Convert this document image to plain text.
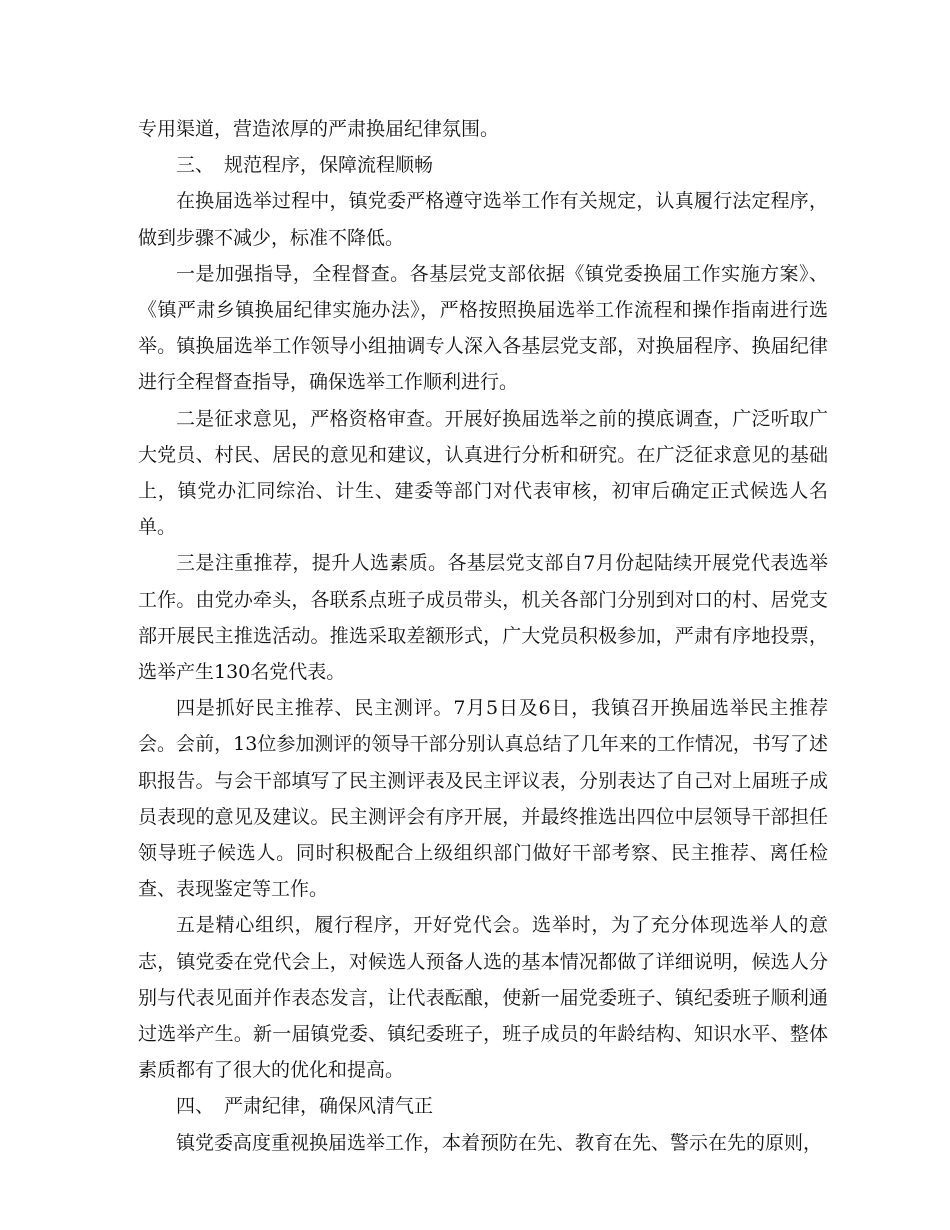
专用渠道，营造浓厚的严肃换届纪律氛围。

三、 规范程序，保障流程顺畅

在换届选举过程中，镇党委严格遵守选举工作有关规定，认真履行法定程序，做到步骤不减少，标准不降低。

一是加强指导，全程督查。各基层党支部依据《镇党委换届工作实施方案》、《镇严肃乡镇换届纪律实施办法》，严格按照换届选举工作流程和操作指南进行选举。镇换届选举工作领导小组抽调专人深入各基层党支部，对换届程序、换届纪律进行全程督查指导，确保选举工作顺利进行。

二是征求意见，严格资格审查。开展好换届选举之前的摸底调查，广泛听取广大党员、村民、居民的意见和建议，认真进行分析和研究。在广泛征求意见的基础上，镇党办汇同综治、计生、建委等部门对代表审核，初审后确定正式候选人名单。

三是注重推荐，提升人选素质。各基层党支部自7月份起陆续开展党代表选举工作。由党办牵头，各联系点班子成员带头，机关各部门分别到对口的村、居党支部开展民主推选活动。推选采取差额形式，广大党员积极参加，严肃有序地投票，选举产生130名党代表。

四是抓好民主推荐、民主测评。7月5日及6日，我镇召开换届选举民主推荐会。会前，13位参加测评的领导干部分别认真总结了几年来的工作情况，书写了述职报告。与会干部填写了民主测评表及民主评议表，分别表达了自己对上届班子成员表现的意见及建议。民主测评会有序开展，并最终推选出四位中层领导干部担任领导班子候选人。同时积极配合上级组织部门做好干部考察、民主推荐、离任检查、表现鉴定等工作。

五是精心组织，履行程序，开好党代会。选举时，为了充分体现选举人的意志，镇党委在党代会上，对候选人预备人选的基本情况都做了详细说明，候选人分别与代表见面并作表态发言，让代表酝酿，使新一届党委班子、镇纪委班子顺利通过选举产生。新一届镇党委、镇纪委班子，班子成员的年龄结构、知识水平、整体素质都有了很大的优化和提高。

四、 严肃纪律，确保风清气正

镇党委高度重视换届选举工作，本着预防在先、教育在先、警示在先的原则，
